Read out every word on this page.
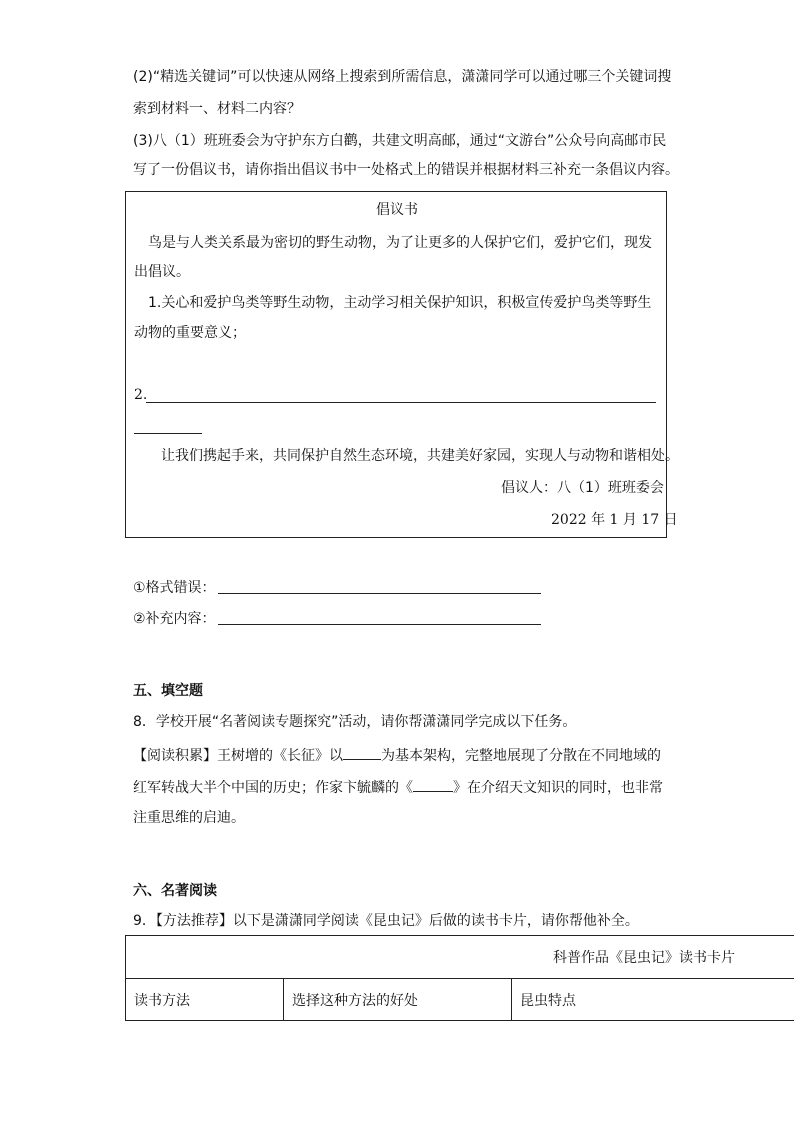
(2)“精选关键词”可以快速从网络上搜索到所需信息，潇潇同学可以通过哪三个关键词搜
索到材料一、材料二内容？
(3)八（1）班班委会为守护东方白鹳，共建文明高邮，通过“文游台”公众号向高邮市民
写了一份倡议书，请你指出倡议书中一处格式上的错误并根据材料三补充一条倡议内容。
倡议书
鸟是与人类关系最为密切的野生动物，为了让更多的人保护它们，爱护它们，现发
出倡议。
1.关心和爱护鸟类等野生动物，主动学习相关保护知识，积极宣传爱护鸟类等野生
动物的重要意义；
2.
让我们携起手来，共同保护自然生态环境，共建美好家园，实现人与动物和谐相处。
倡议人：八（1）班班委会
2022 年 1 月 17 日
①格式错误：
②补充内容：
五、填空题
8．学校开展“名著阅读专题探究”活动，请你帮潇潇同学完成以下任务。
【阅读积累】王树增的《长征》以	为基本架构，完整地展现了分散在不同地域的
红军转战大半个中国的历史；作家卞毓麟的《	》在介绍天文知识的同时，也非常
注重思维的启迪。
六、名著阅读
9．【方法推荐】以下是潇潇同学阅读《昆虫记》后做的读书卡片，请你帮他补全。
科普作品《昆虫记》读书卡片
读书方法	选择这种方法的好处	昆虫特点
